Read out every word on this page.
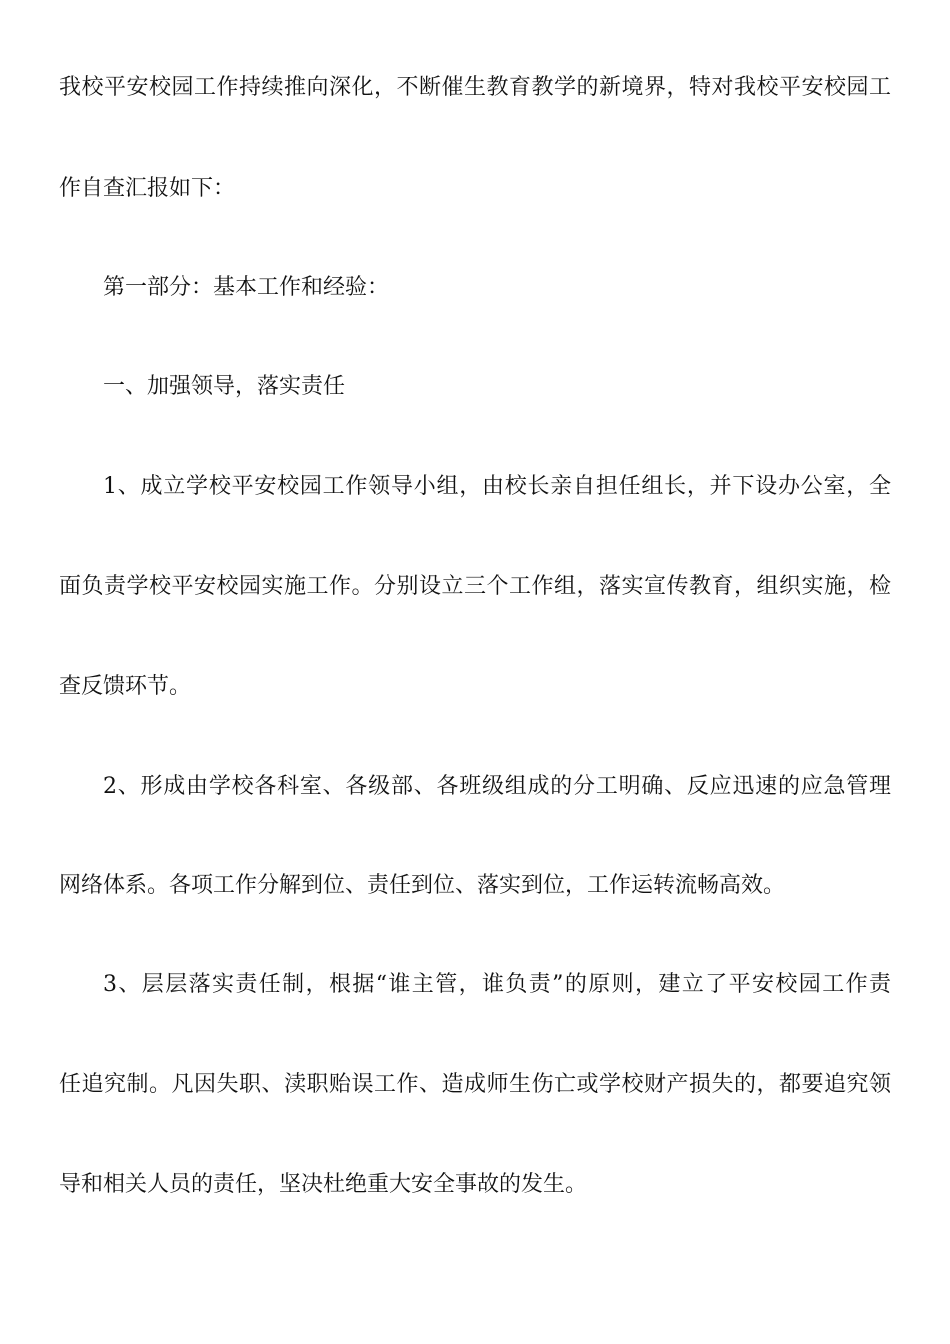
我校平安校园工作持续推向深化，不断催生教育教学的新境界，特对我校平安校园工
作自查汇报如下：
第一部分：基本工作和经验：
一、加强领导，落实责任
1、成立学校平安校园工作领导小组，由校长亲自担任组长，并下设办公室，全
面负责学校平安校园实施工作。分别设立三个工作组，落实宣传教育，组织实施，检
查反馈环节。
2、形成由学校各科室、各级部、各班级组成的分工明确、反应迅速的应急管理
网络体系。各项工作分解到位、责任到位、落实到位，工作运转流畅高效。
3、层层落实责任制，根据“谁主管，谁负责”的原则，建立了平安校园工作责
任追究制。凡因失职、渎职贻误工作、造成师生伤亡或学校财产损失的，都要追究领
导和相关人员的责任，坚决杜绝重大安全事故的发生。
